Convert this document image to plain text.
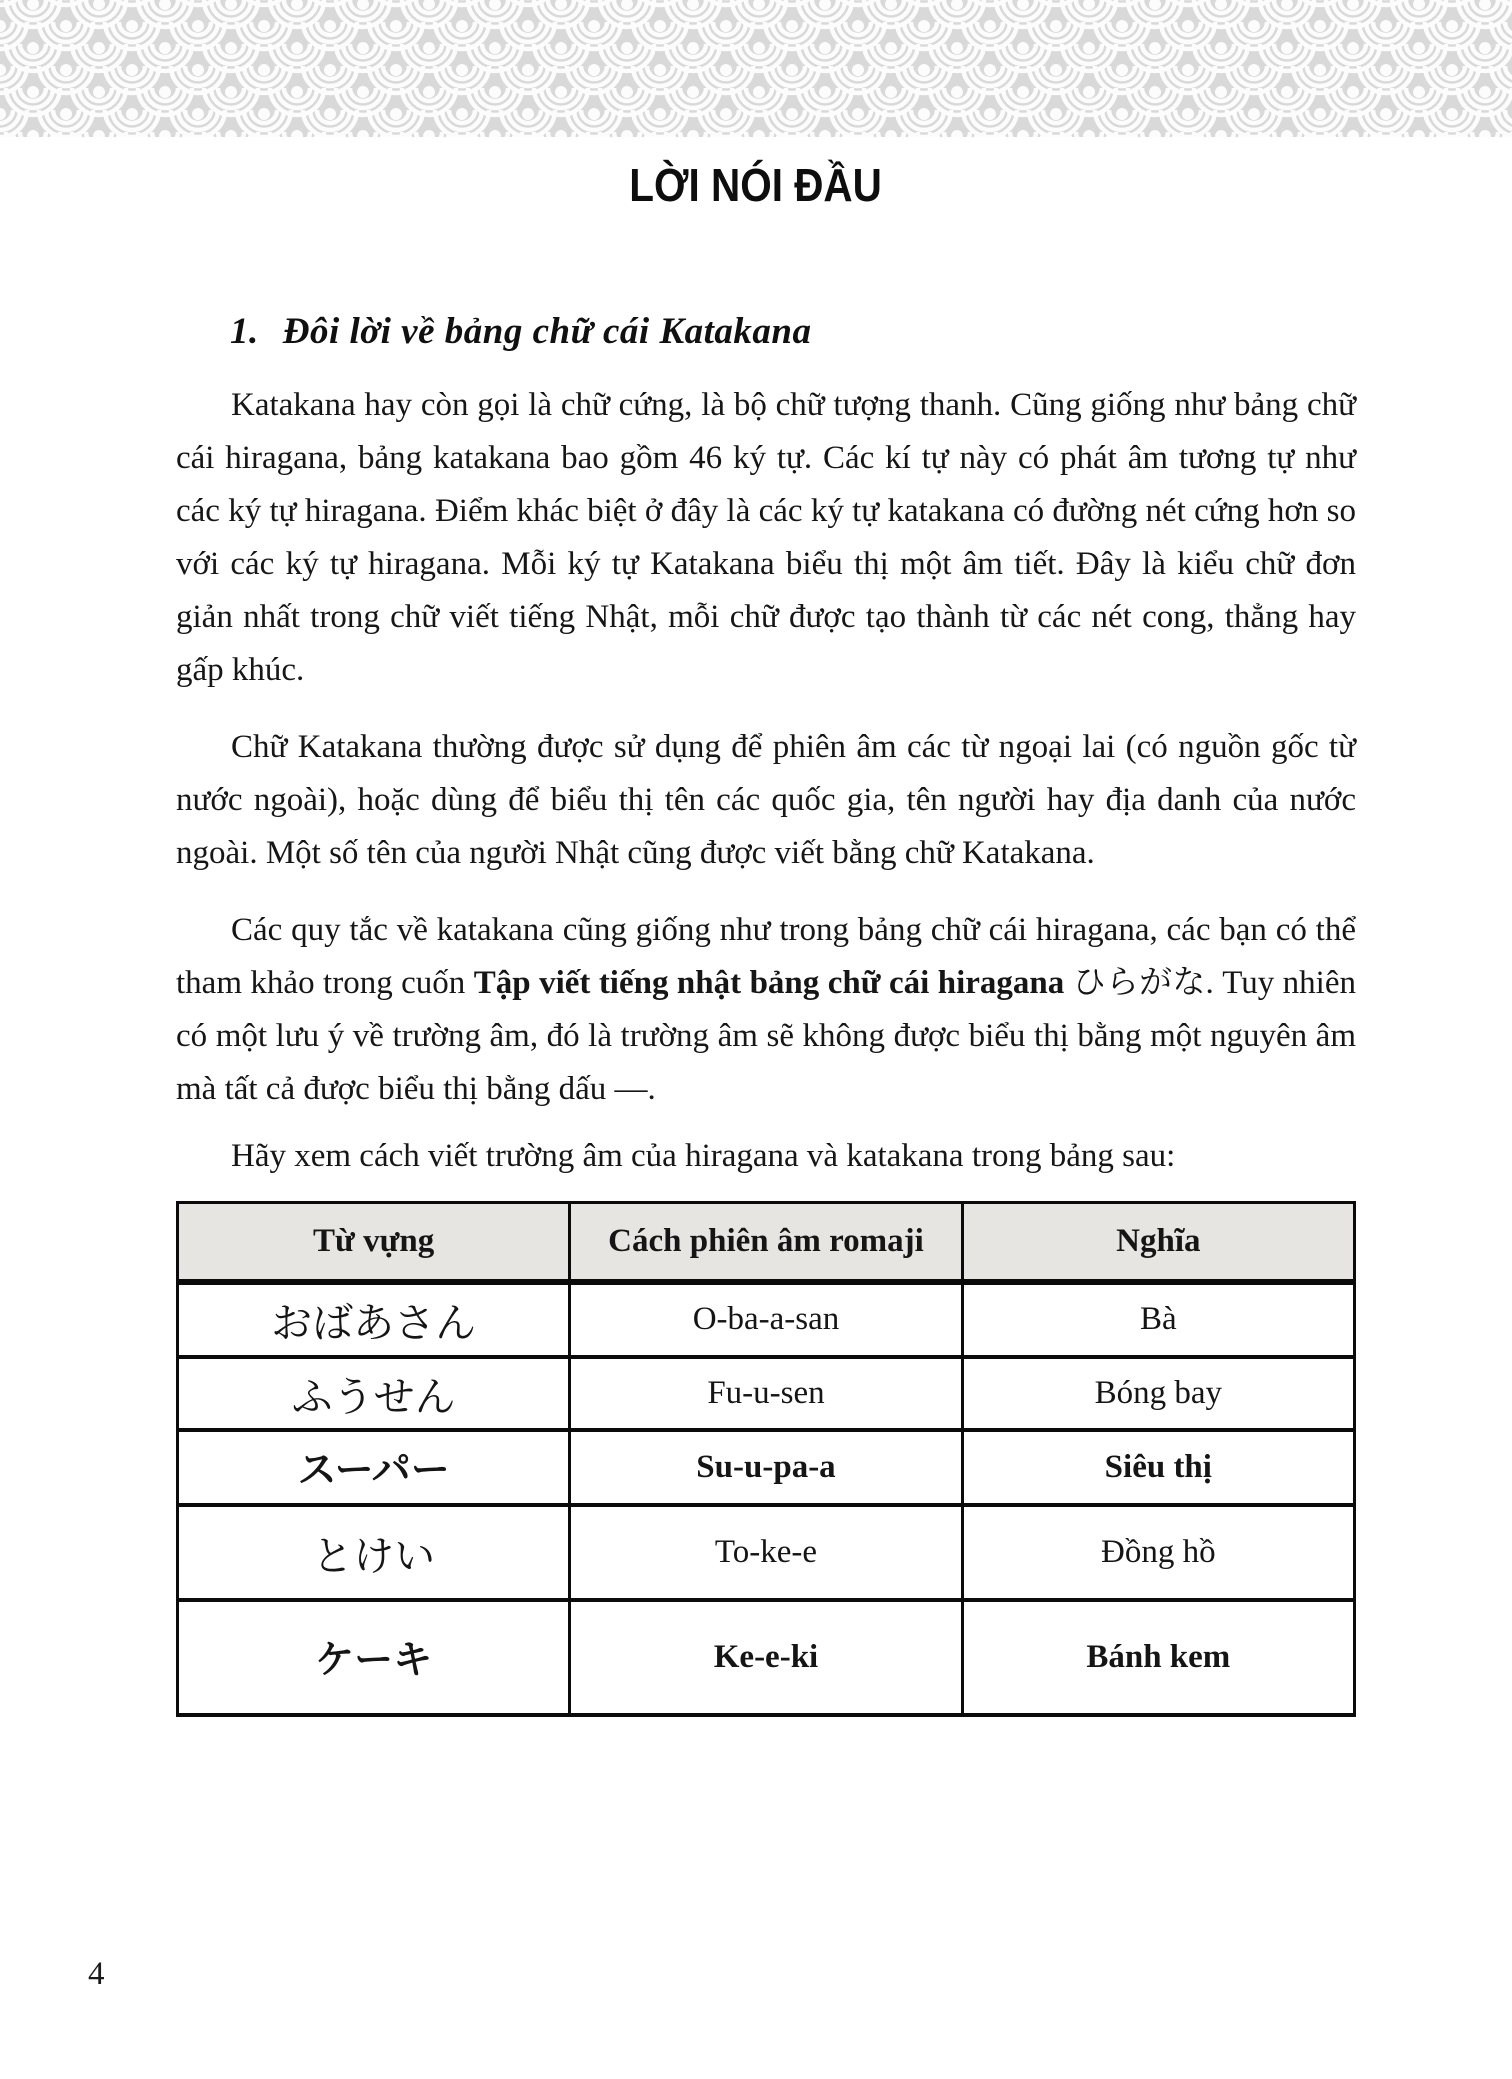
LỜI NÓI ĐẦU
1. Đôi lời về bảng chữ cái Katakana

Katakana hay còn gọi là chữ cứng, là bộ chữ tượng thanh. Cũng giống như bảng chữ cái hiragana, bảng katakana bao gồm 46 ký tự. Các kí tự này có phát âm tương tự như các ký tự hiragana. Điểm khác biệt ở đây là các ký tự katakana có đường nét cứng hơn so với các ký tự hiragana. Mỗi ký tự Katakana biểu thị một âm tiết. Đây là kiểu chữ đơn giản nhất trong chữ viết tiếng Nhật, mỗi chữ được tạo thành từ các nét cong, thẳng hay gấp khúc.

Chữ Katakana thường được sử dụng để phiên âm các từ ngoại lai (có nguồn gốc từ nước ngoài), hoặc dùng để biểu thị tên các quốc gia, tên người hay địa danh của nước ngoài. Một số tên của người Nhật cũng được viết bằng chữ Katakana.

Các quy tắc về katakana cũng giống như trong bảng chữ cái hiragana, các bạn có thể tham khảo trong cuốn Tập viết tiếng nhật bảng chữ cái hiragana ひらがな. Tuy nhiên có một lưu ý về trường âm, đó là trường âm sẽ không được biểu thị bằng một nguyên âm mà tất cả được biểu thị bằng dấu —.

Hãy xem cách viết trường âm của hiragana và katakana trong bảng sau:

Từ vựng	Cách phiên âm romaji	Nghĩa
おばあさん	O-ba-a-san	Bà
ふうせん	Fu-u-sen	Bóng bay
スーパー	Su-u-pa-a	Siêu thị
とけい	To-ke-e	Đồng hồ
ケーキ	Ke-e-ki	Bánh kem
4
